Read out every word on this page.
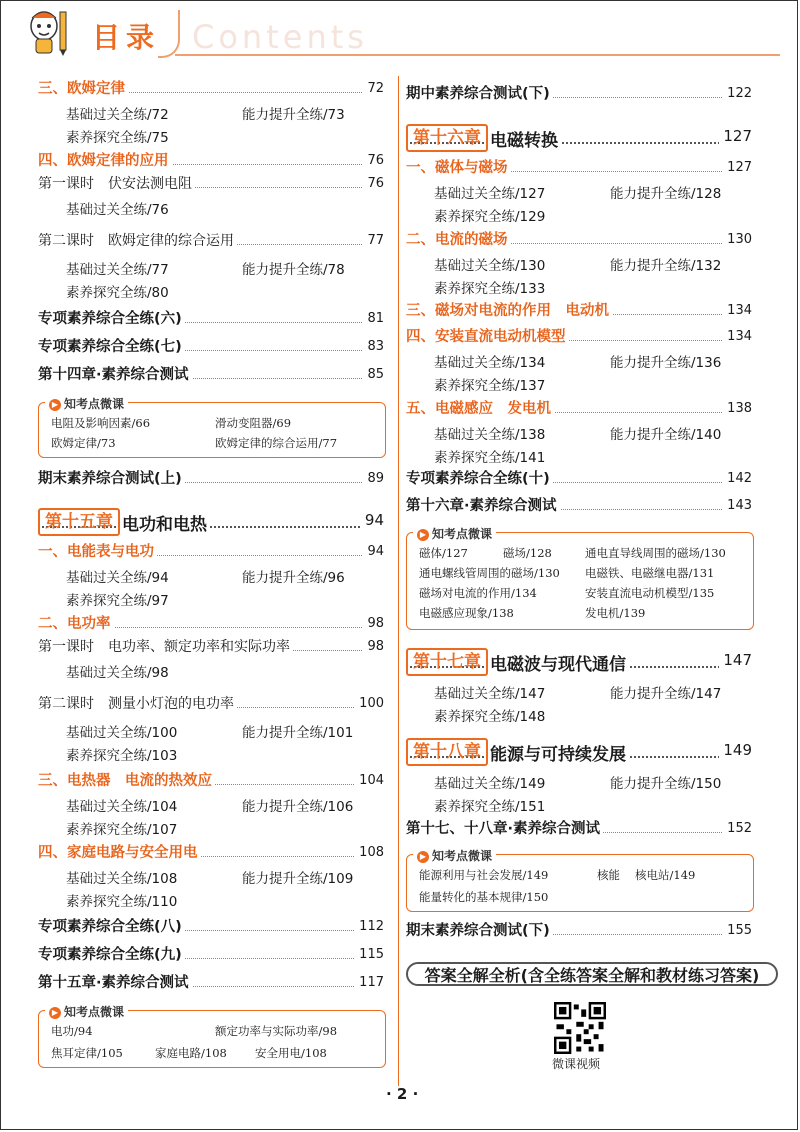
目录 Contents
三、欧姆定律	72
基础过关全练/72	能力提升全练/73
素养探究全练/75
四、欧姆定律的应用	76
第一课时　伏安法测电阻	76
基础过关全练/76
第二课时　欧姆定律的综合运用	77
基础过关全练/77	能力提升全练/78
素养探究全练/80
专项素养综合全练(六)	81
专项素养综合全练(七)	83
第十四章·素养综合测试	85
▶ 知考点微课
电阻及影响因素/66	滑动变阻器/69
欧姆定律/73	欧姆定律的综合运用/77
期末素养综合测试(上)	89
第十五章 电功和电热	94
一、电能表与电功	94
基础过关全练/94	能力提升全练/96
素养探究全练/97
二、电功率	98
第一课时　电功率、额定功率和实际功率	98
基础过关全练/98
第二课时　测量小灯泡的电功率	100
基础过关全练/100	能力提升全练/101
素养探究全练/103
三、电热器　电流的热效应	104
基础过关全练/104	能力提升全练/106
素养探究全练/107
四、家庭电路与安全用电	108
基础过关全练/108	能力提升全练/109
素养探究全练/110
专项素养综合全练(八)	112
专项素养综合全练(九)	115
第十五章·素养综合测试	117
▶ 知考点微课
电功/94	额定功率与实际功率/98
焦耳定律/105	家庭电路/108 安全用电/108
期中素养综合测试(下)	122
第十六章 电磁转换	127
一、磁体与磁场	127
基础过关全练/127	能力提升全练/128
素养探究全练/129
二、电流的磁场	130
基础过关全练/130	能力提升全练/132
素养探究全练/133
三、磁场对电流的作用　电动机	134
四、安装直流电动机模型	134
基础过关全练/134	能力提升全练/136
素养探究全练/137
五、电磁感应　发电机	138
基础过关全练/138	能力提升全练/140
素养探究全练/141
专项素养综合全练(十)	142
第十六章·素养综合测试	143
▶ 知考点微课
磁体/127	磁场/128	通电直导线周围的磁场/130
通电螺线管周围的磁场/130 电磁铁、电磁继电器/131
磁场对电流的作用/134	安装直流电动机模型/135
电磁感应现象/138	发电机/139
第十七章 电磁波与现代通信	147
基础过关全练/147	能力提升全练/147
素养探究全练/148
第十八章 能源与可持续发展	149
基础过关全练/149	能力提升全练/150
素养探究全练/151
第十七、十八章·素养综合测试	152
▶ 知考点微课
能源利用与社会发展/149	核能 核电站/149
能量转化的基本规律/150
期末素养综合测试(下)	155
答案全解全析(含全练答案全解和教材练习答案)
微课视频
· 2 ·
